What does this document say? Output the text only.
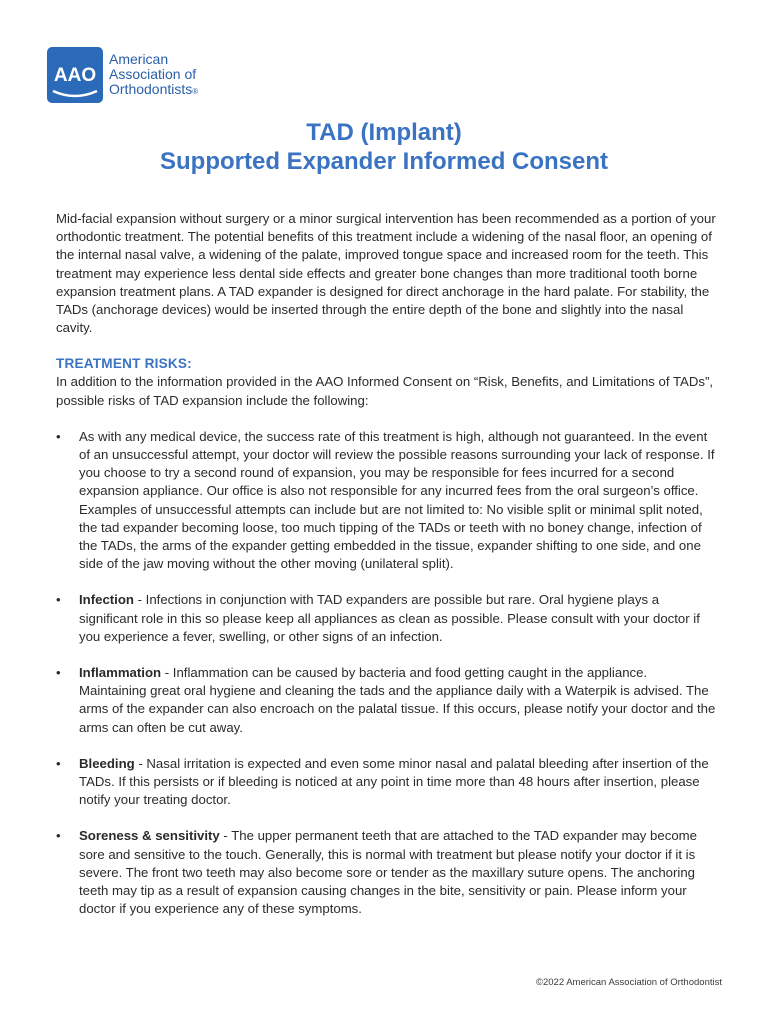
AAO
American
Association of
Orthodontists®
TAD (Implant)
Supported Expander Informed Consent

Mid-facial expansion without surgery or a minor surgical intervention has been recommended as a portion of your orthodontic treatment. The potential benefits of this treatment include a widening of the nasal floor, an opening of the internal nasal valve, a widening of the palate, improved tongue space and increased room for the teeth. This treatment may experience less dental side effects and greater bone changes than more traditional tooth borne expansion treatment plans. A TAD expander is designed for direct anchorage in the hard palate. For stability, the TADs (anchorage devices) would be inserted through the entire depth of the bone and slightly into the nasal cavity.

TREATMENT RISKS:

In addition to the information provided in the AAO Informed Consent on “Risk, Benefits, and Limitations of TADs”, possible risks of TAD expansion include the following:

• As with any medical device, the success rate of this treatment is high, although not guaranteed. In the event of an unsuccessful attempt, your doctor will review the possible reasons surrounding your lack of response. If you choose to try a second round of expansion, you may be responsible for fees incurred for a second expansion appliance. Our office is also not responsible for any incurred fees from the oral surgeon’s office. Examples of unsuccessful attempts can include but are not limited to: No visible split or minimal split noted, the tad expander becoming loose, too much tipping of the TADs or teeth with no boney change, infection of the TADs, the arms of the expander getting embedded in the tissue, expander shifting to one side, and one side of the jaw moving without the other moving (unilateral split).
• Infection - Infections in conjunction with TAD expanders are possible but rare. Oral hygiene plays a significant role in this so please keep all appliances as clean as possible. Please consult with your doctor if you experience a fever, swelling, or other signs of an infection.
• Inflammation - Inflammation can be caused by bacteria and food getting caught in the appliance. Maintaining great oral hygiene and cleaning the tads and the appliance daily with a Waterpik is advised. The arms of the expander can also encroach on the palatal tissue. If this occurs, please notify your doctor and the arms can often be cut away.
• Bleeding - Nasal irritation is expected and even some minor nasal and palatal bleeding after insertion of the TADs. If this persists or if bleeding is noticed at any point in time more than 48 hours after insertion, please notify your treating doctor.
• Soreness & sensitivity - The upper permanent teeth that are attached to the TAD expander may become sore and sensitive to the touch. Generally, this is normal with treatment but please notify your doctor if it is severe. The front two teeth may also become sore or tender as the maxillary suture opens. The anchoring teeth may tip as a result of expansion causing changes in the bite, sensitivity or pain. Please inform your doctor if you experience any of these symptoms.
©2022 American Association of Orthodontist
